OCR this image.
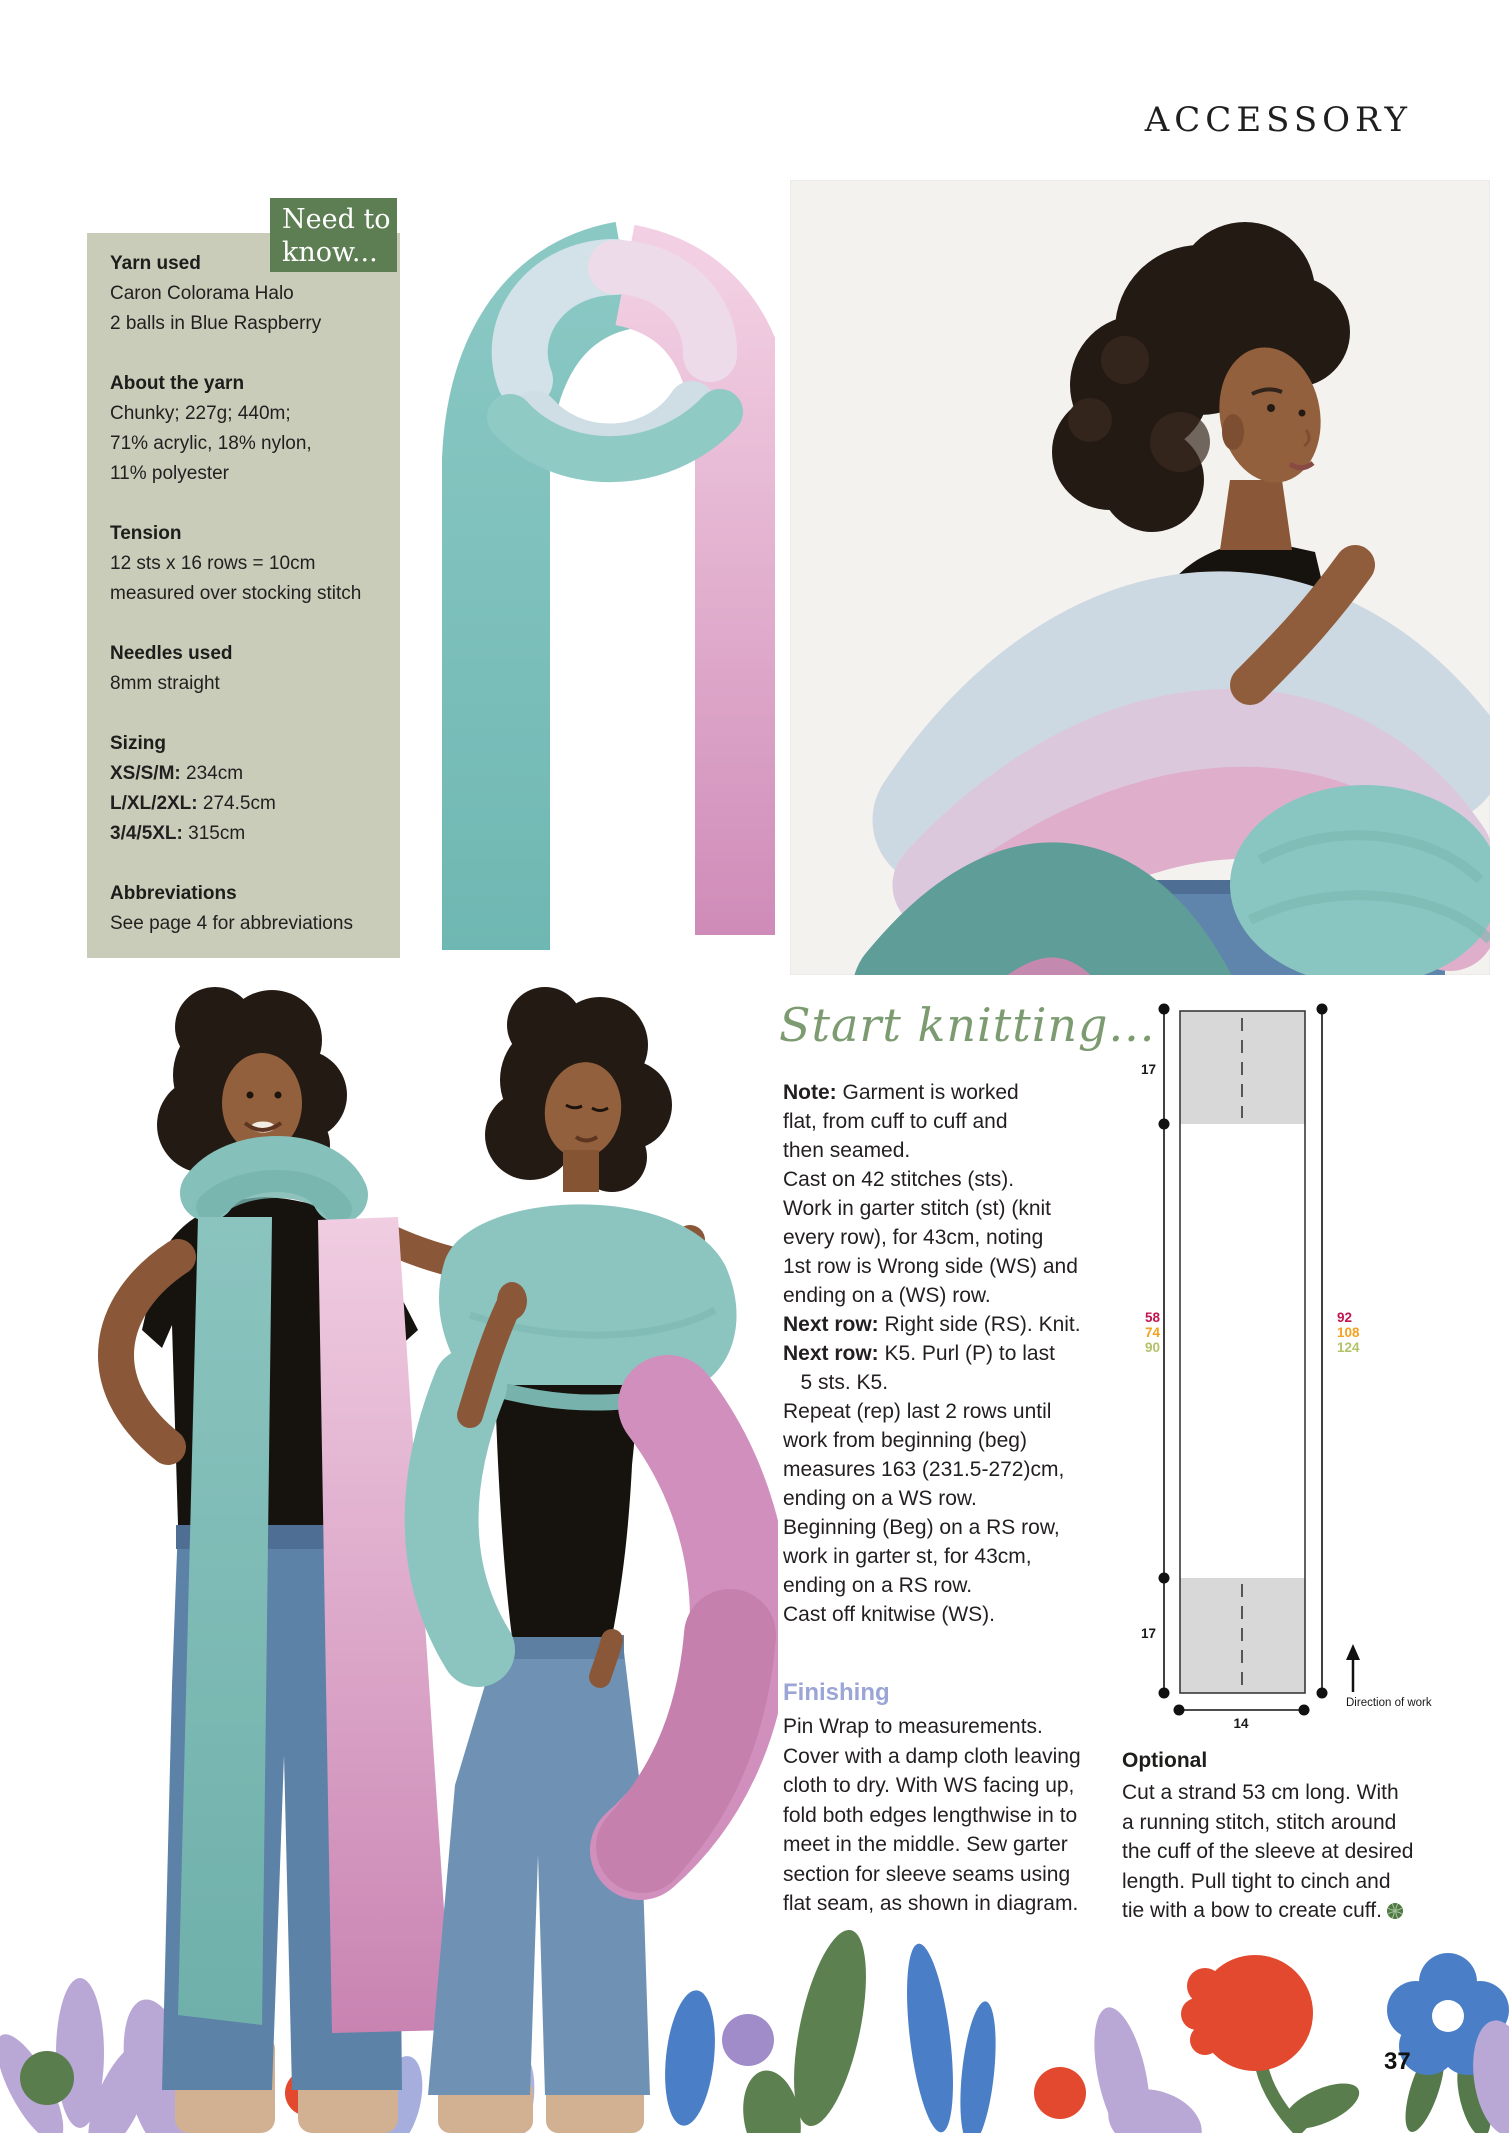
ACCESSORY
Yarn used
Caron Colorama Halo
2 balls in Blue Raspberry
About the yarn
Chunky; 227g; 440m;
71% acrylic, 18% nylon,
11% polyester
Tension
12 sts x 16 rows = 10cm
measured over stocking stitch
Needles used
8mm straight
Sizing
XS/S/M: 234cm
L/XL/2XL: 274.5cm
3/4/5XL: 315cm
Abbreviations
See page 4 for abbreviations
Need to
know...
Start knitting...
Note: Garment is worked
flat, from cuff to cuff and
then seamed.
Cast on 42 stitches (sts).
Work in garter stitch (st) (knit
every row), for 43cm, noting
1st row is Wrong side (WS) and
ending on a (WS) row.
Next row: Right side (RS). Knit.
Next row: K5. Purl (P) to last
5 sts. K5.
Repeat (rep) last 2 rows until
work from beginning (beg)
measures 163 (231.5-272)cm,
ending on a WS row.
Beginning (Beg) on a RS row,
work in garter st, for 43cm,
ending on a RS row.
Cast off knitwise (WS).
Finishing
Pin Wrap to measurements.
Cover with a damp cloth leaving
cloth to dry. With WS facing up,
fold both edges lengthwise in to
meet in the middle. Sew garter
section for sleeve seams using
flat seam, as shown in diagram.
17
17
58
74
90
92
108
124
14
Direction of work
Optional
Cut a strand 53 cm long. With
a running stitch, stitch around
the cuff of the sleeve at desired
length. Pull tight to cinch and
tie with a bow to create cuff.
37
